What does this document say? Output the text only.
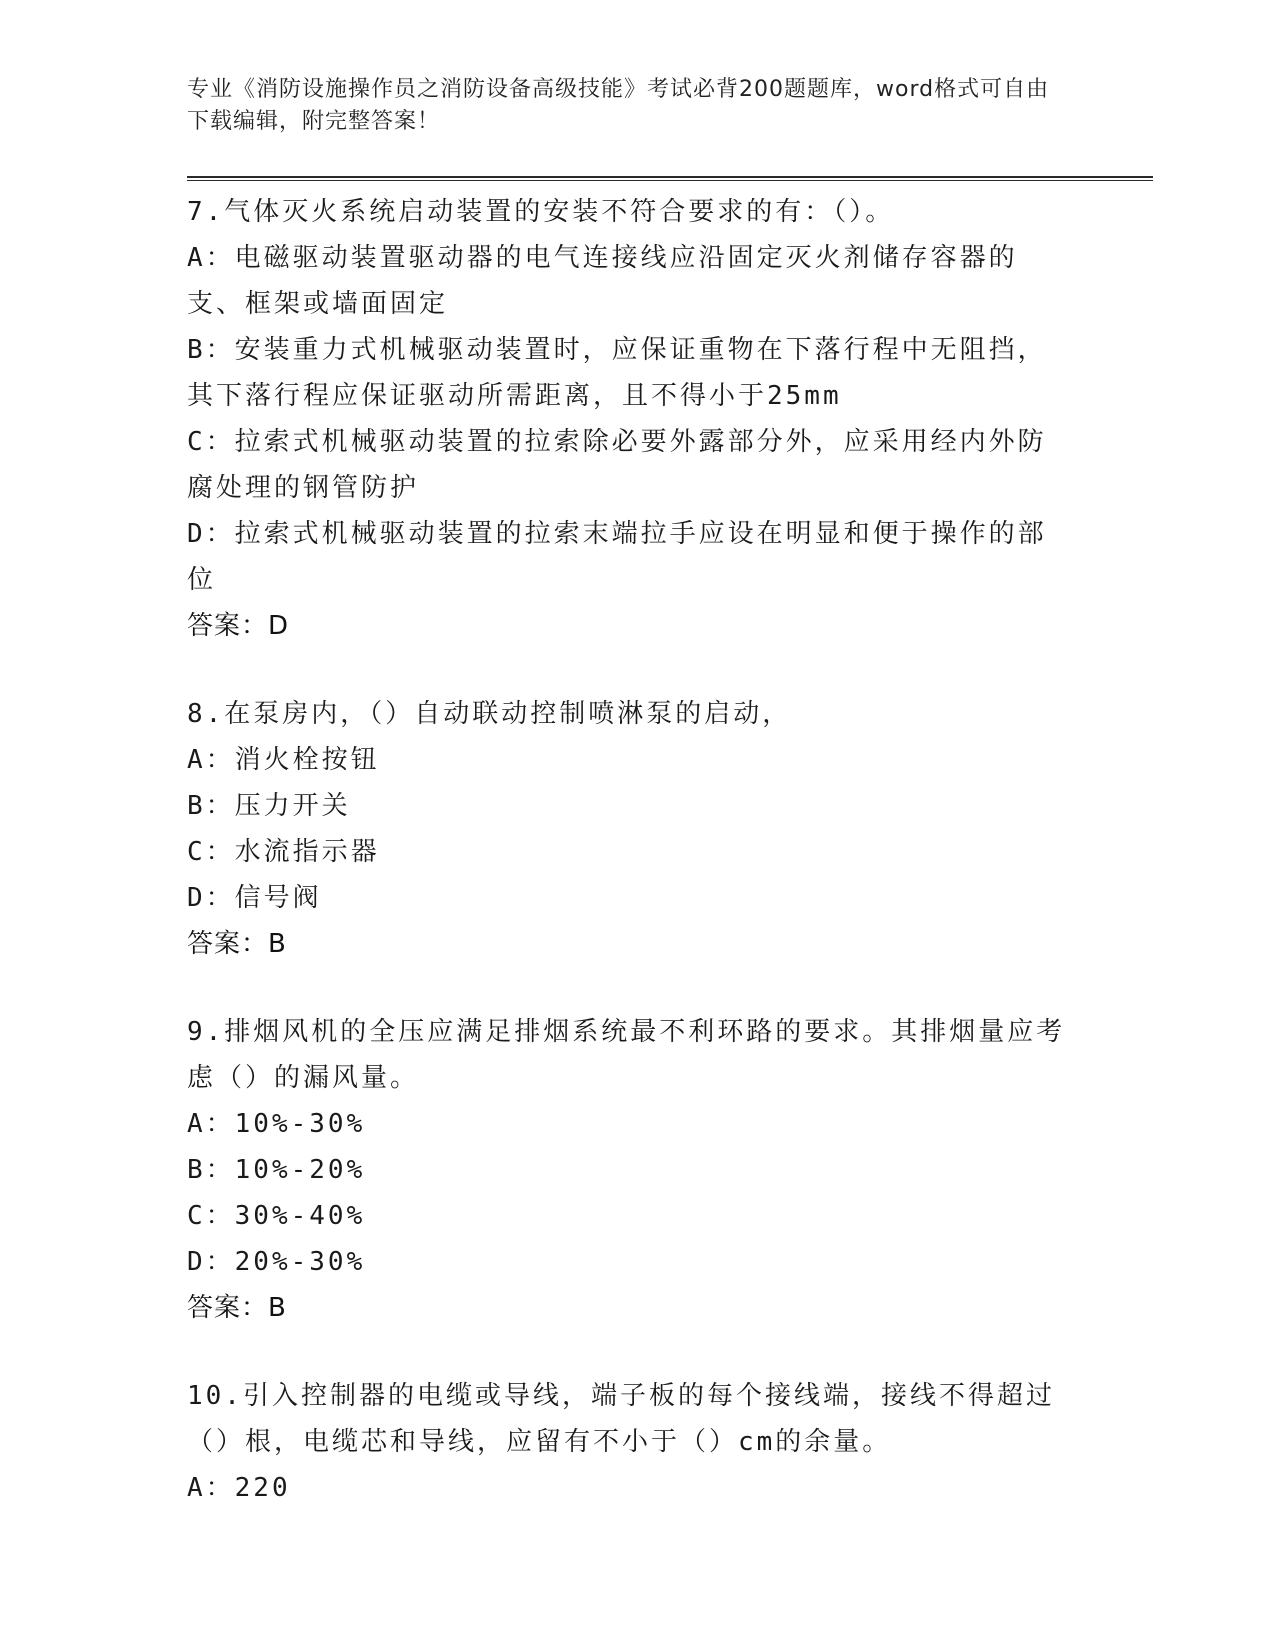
专业《消防设施操作员之消防设备高级技能》考试必背200题题库，word格式可自由下载编辑，附完整答案！
7.气体灭火系统启动装置的安装不符合要求的有：（）。
A：电磁驱动装置驱动器的电气连接线应沿固定灭火剂储存容器的支、框架或墙面固定
B：安装重力式机械驱动装置时，应保证重物在下落行程中无阻挡，其下落行程应保证驱动所需距离，且不得小于25mm
C：拉索式机械驱动装置的拉索除必要外露部分外，应采用经内外防腐处理的钢管防护
D：拉索式机械驱动装置的拉索末端拉手应设在明显和便于操作的部位
答案：D
8.在泵房内，（）自动联动控制喷淋泵的启动，
A：消火栓按钮
B：压力开关
C：水流指示器
D：信号阀
答案：B
9.排烟风机的全压应满足排烟系统最不利环路的要求。其排烟量应考虑（）的漏风量。
A：10%-30%
B：10%-20%
C：30%-40%
D：20%-30%
答案：B
10.引入控制器的电缆或导线，端子板的每个接线端，接线不得超过（）根，电缆芯和导线，应留有不小于（）cm的余量。
A：220
